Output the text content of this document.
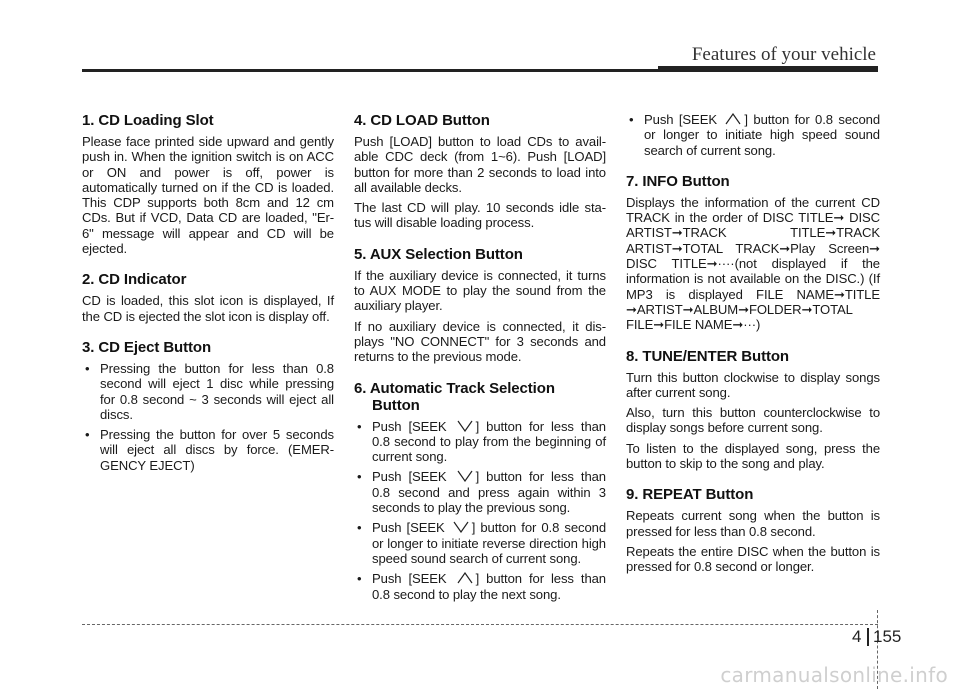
Features of your vehicle
1. CD Loading Slot

Please face printed side upward and gently push in. When the ignition switch is on ACC or ON and power is off, power is automatically turned on if the CD is loaded. This CDP supports both 8cm and 12 cm CDs. But if VCD, Data CD are loaded, "Er-6" message will appear and CD will be ejected.

2. CD Indicator

CD is loaded, this slot icon is displayed, If the CD is ejected the slot icon is display off.

3. CD Eject Button
• Pressing the button for less than 0.8 second will eject 1 disc while pressing for 0.8 second ~ 3 seconds will eject all discs.
• Pressing the button for over 5 seconds will eject all discs by force. (EMER-GENCY EJECT)
4. CD LOAD Button

Push [LOAD] button to load CDs to avail-able CDC deck (from 1~6). Push [LOAD] button for more than 2 seconds to load into all available decks.

The last CD will play. 10 seconds idle sta-tus will disable loading process.

5. AUX Selection Button

If the auxiliary device is connected, it turns to AUX MODE to play the sound from the auxiliary player.

If no auxiliary device is connected, it dis-plays "NO CONNECT" for 3 seconds and returns to the previous mode.

6. Automatic Track Selection
Button
• Push [SEEK
] button for less than 0.8 second to play from the beginning of current song.
• Push [SEEK
] button for less than 0.8 second and press again within 3 seconds to play the previous song.
• Push [SEEK
] button for 0.8 second or longer to initiate reverse direction high speed sound search of current song.
• Push [SEEK
] button for less than 0.8 second to play the next song.
• Push [SEEK
] button for 0.8 second or longer to initiate high speed sound search of current song.
7. INFO Button

Displays the information of the current CD TRACK in the order of DISC TITLE➞ DISC ARTIST➞TRACK TITLE➞TRACK ARTIST➞TOTAL TRACK➞Play Screen➞ DISC TITLE➞····(not displayed if the information is not available on the DISC.) (If MP3 is displayed FILE NAME➞TITLE ➞ARTIST➞ALBUM➞FOLDER➞TOTAL FILE➞FILE NAME➞···)

8. TUNE/ENTER Button

Turn this button clockwise to display songs after current song.

Also, turn this button counterclockwise to display songs before current song.

To listen to the displayed song, press the button to skip to the song and play.

9. REPEAT Button

Repeats current song when the button is pressed for less than 0.8 second.

Repeats the entire DISC when the button is pressed for 0.8 second or longer.

4 155
carmanualsonline.info
